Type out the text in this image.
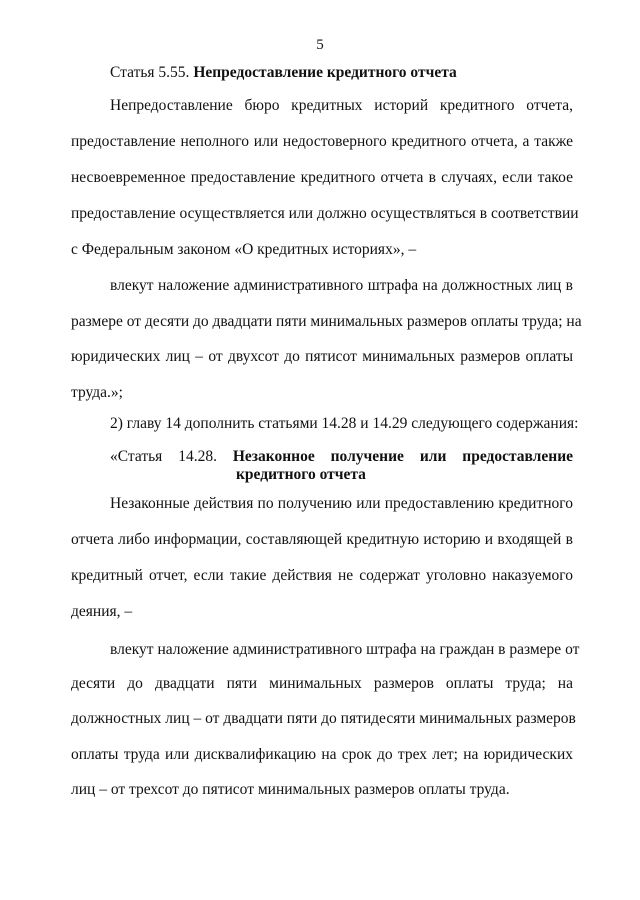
5
Статья 5.55. Непредоставление кредитного отчета
Непредоставление бюро кредитных историй кредитного отчета,
предоставление неполного или недостоверного кредитного отчета, а также
несвоевременное предоставление кредитного отчета в случаях, если такое
предоставление осуществляется или должно осуществляться в соответствии
с Федеральным законом «О кредитных историях», –
влекут наложение административного штрафа на должностных лиц в
размере от десяти до двадцати пяти минимальных размеров оплаты труда; на
юридических лиц – от двухсот до пятисот минимальных размеров оплаты
труда.»;
2) главу 14 дополнить статьями 14.28 и 14.29 следующего содержания:
«Статья 14.28. Незаконное получение или предоставление
кредитного отчета
Незаконные действия по получению или предоставлению кредитного
отчета либо информации, составляющей кредитную историю и входящей в
кредитный отчет, если такие действия не содержат уголовно наказуемого
деяния, –
влекут наложение административного штрафа на граждан в размере от
десяти до двадцати пяти минимальных размеров оплаты труда; на
должностных лиц – от двадцати пяти до пятидесяти минимальных размеров
оплаты труда или дисквалификацию на срок до трех лет; на юридических
лиц – от трехсот до пятисот минимальных размеров оплаты труда.
